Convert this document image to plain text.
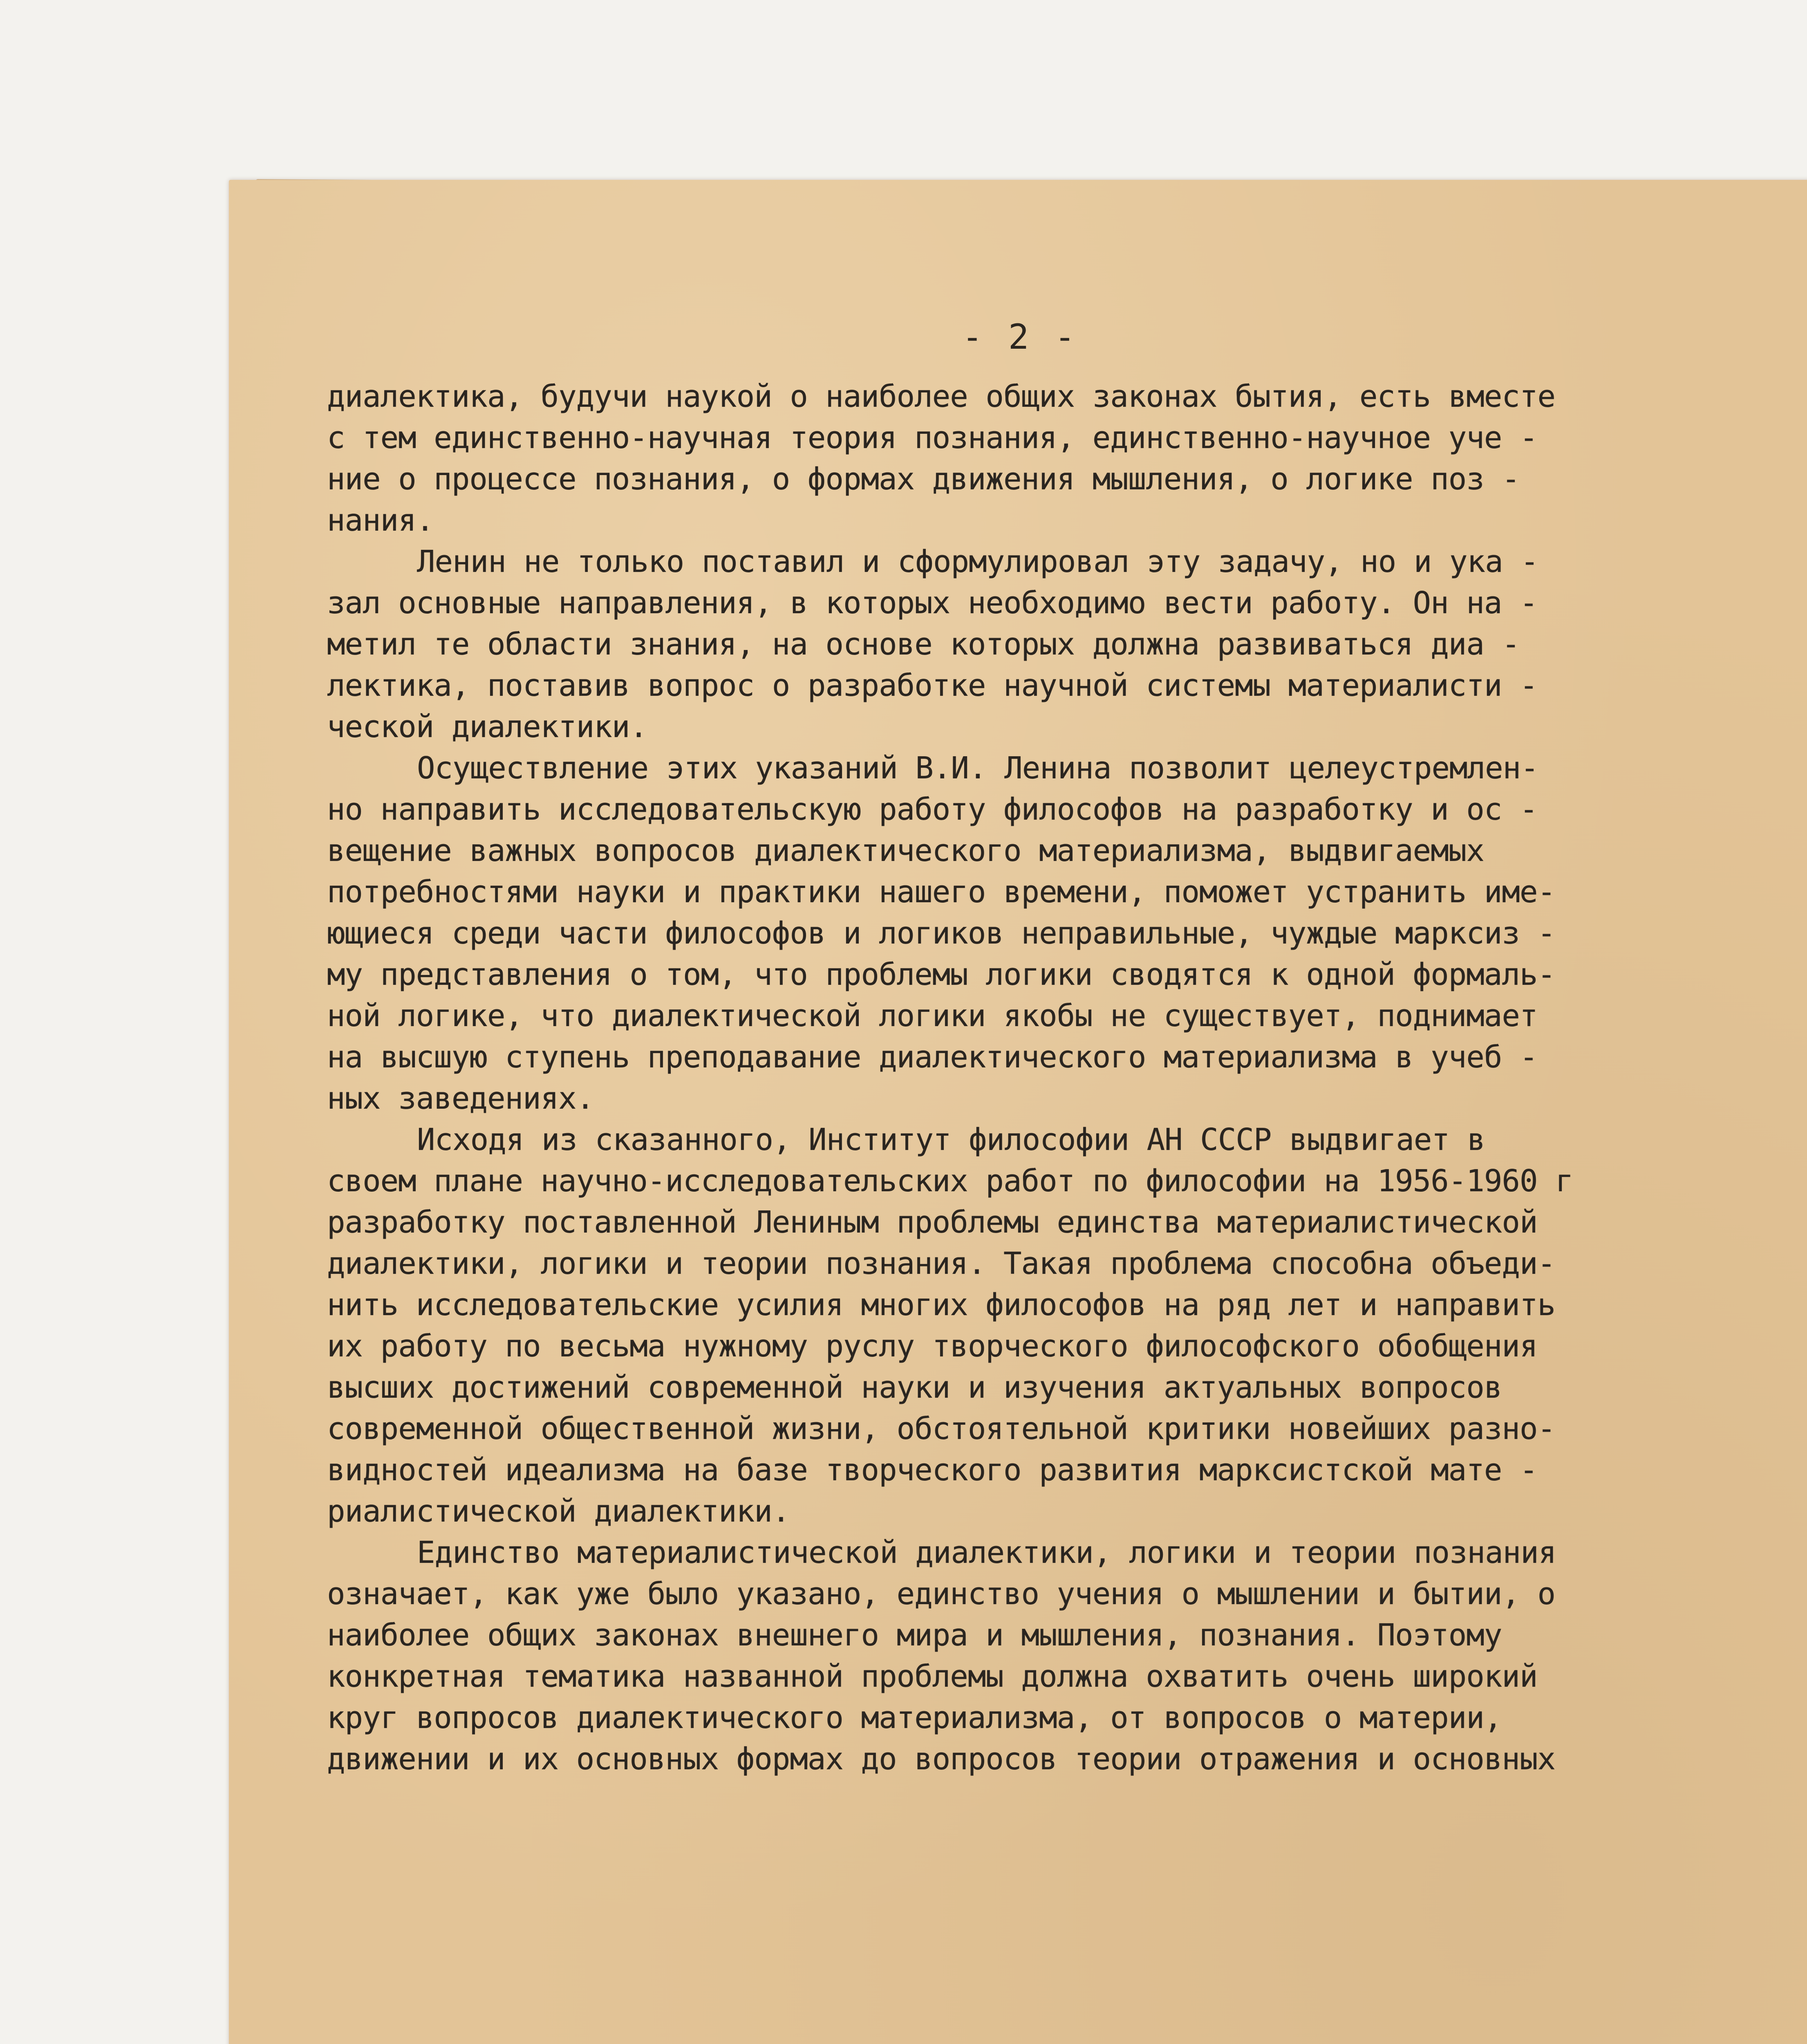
- 2 -
диалектика, будучи наукой о наиболее общих законах бытия, есть вместе
с тем единственно-научная теория познания, единственно-научное уче -
ние о процессе познания, о формах движения мышления, о логике поз -
нания.
Ленин не только поставил и сформулировал эту задачу, но и ука -
зал основные направления, в которых необходимо вести работу. Он на -
метил те области знания, на основе которых должна развиваться диа -
лектика, поставив вопрос о разработке научной системы материалисти -
ческой диалектики.
Осуществление этих указаний В.И. Ленина позволит целеустремлен-
но направить исследовательскую работу философов на разработку и ос -
вещение важных вопросов диалектического материализма, выдвигаемых
потребностями науки и практики нашего времени, поможет устранить име-
ющиеся среди части философов и логиков неправильные, чуждые марксиз -
му представления о том, что проблемы логики сводятся к одной формаль-
ной логике, что диалектической логики якобы не существует, поднимает
на высшую ступень преподавание диалектического материализма в учеб -
ных заведениях.
Исходя из сказанного, Институт философии АН СССР выдвигает в
своем плане научно-исследовательских работ по философии на 1956-1960 г
разработку поставленной Лениным проблемы единства материалистической
диалектики, логики и теории познания. Такая проблема способна объеди-
нить исследовательские усилия многих философов на ряд лет и направить
их работу по весьма нужному руслу творческого философского обобщения
высших достижений современной науки и изучения актуальных вопросов
современной общественной жизни, обстоятельной критики новейших разно-
видностей идеализма на базе творческого развития марксистской мате -
риалистической диалектики.
Единство материалистической диалектики, логики и теории познания
означает, как уже было указано, единство учения о мышлении и бытии, о
наиболее общих законах внешнего мира и мышления, познания. Поэтому
конкретная тематика названной проблемы должна охватить очень широкий
круг вопросов диалектического материализма, от вопросов о материи,
движении и их основных формах до вопросов теории отражения и основных
